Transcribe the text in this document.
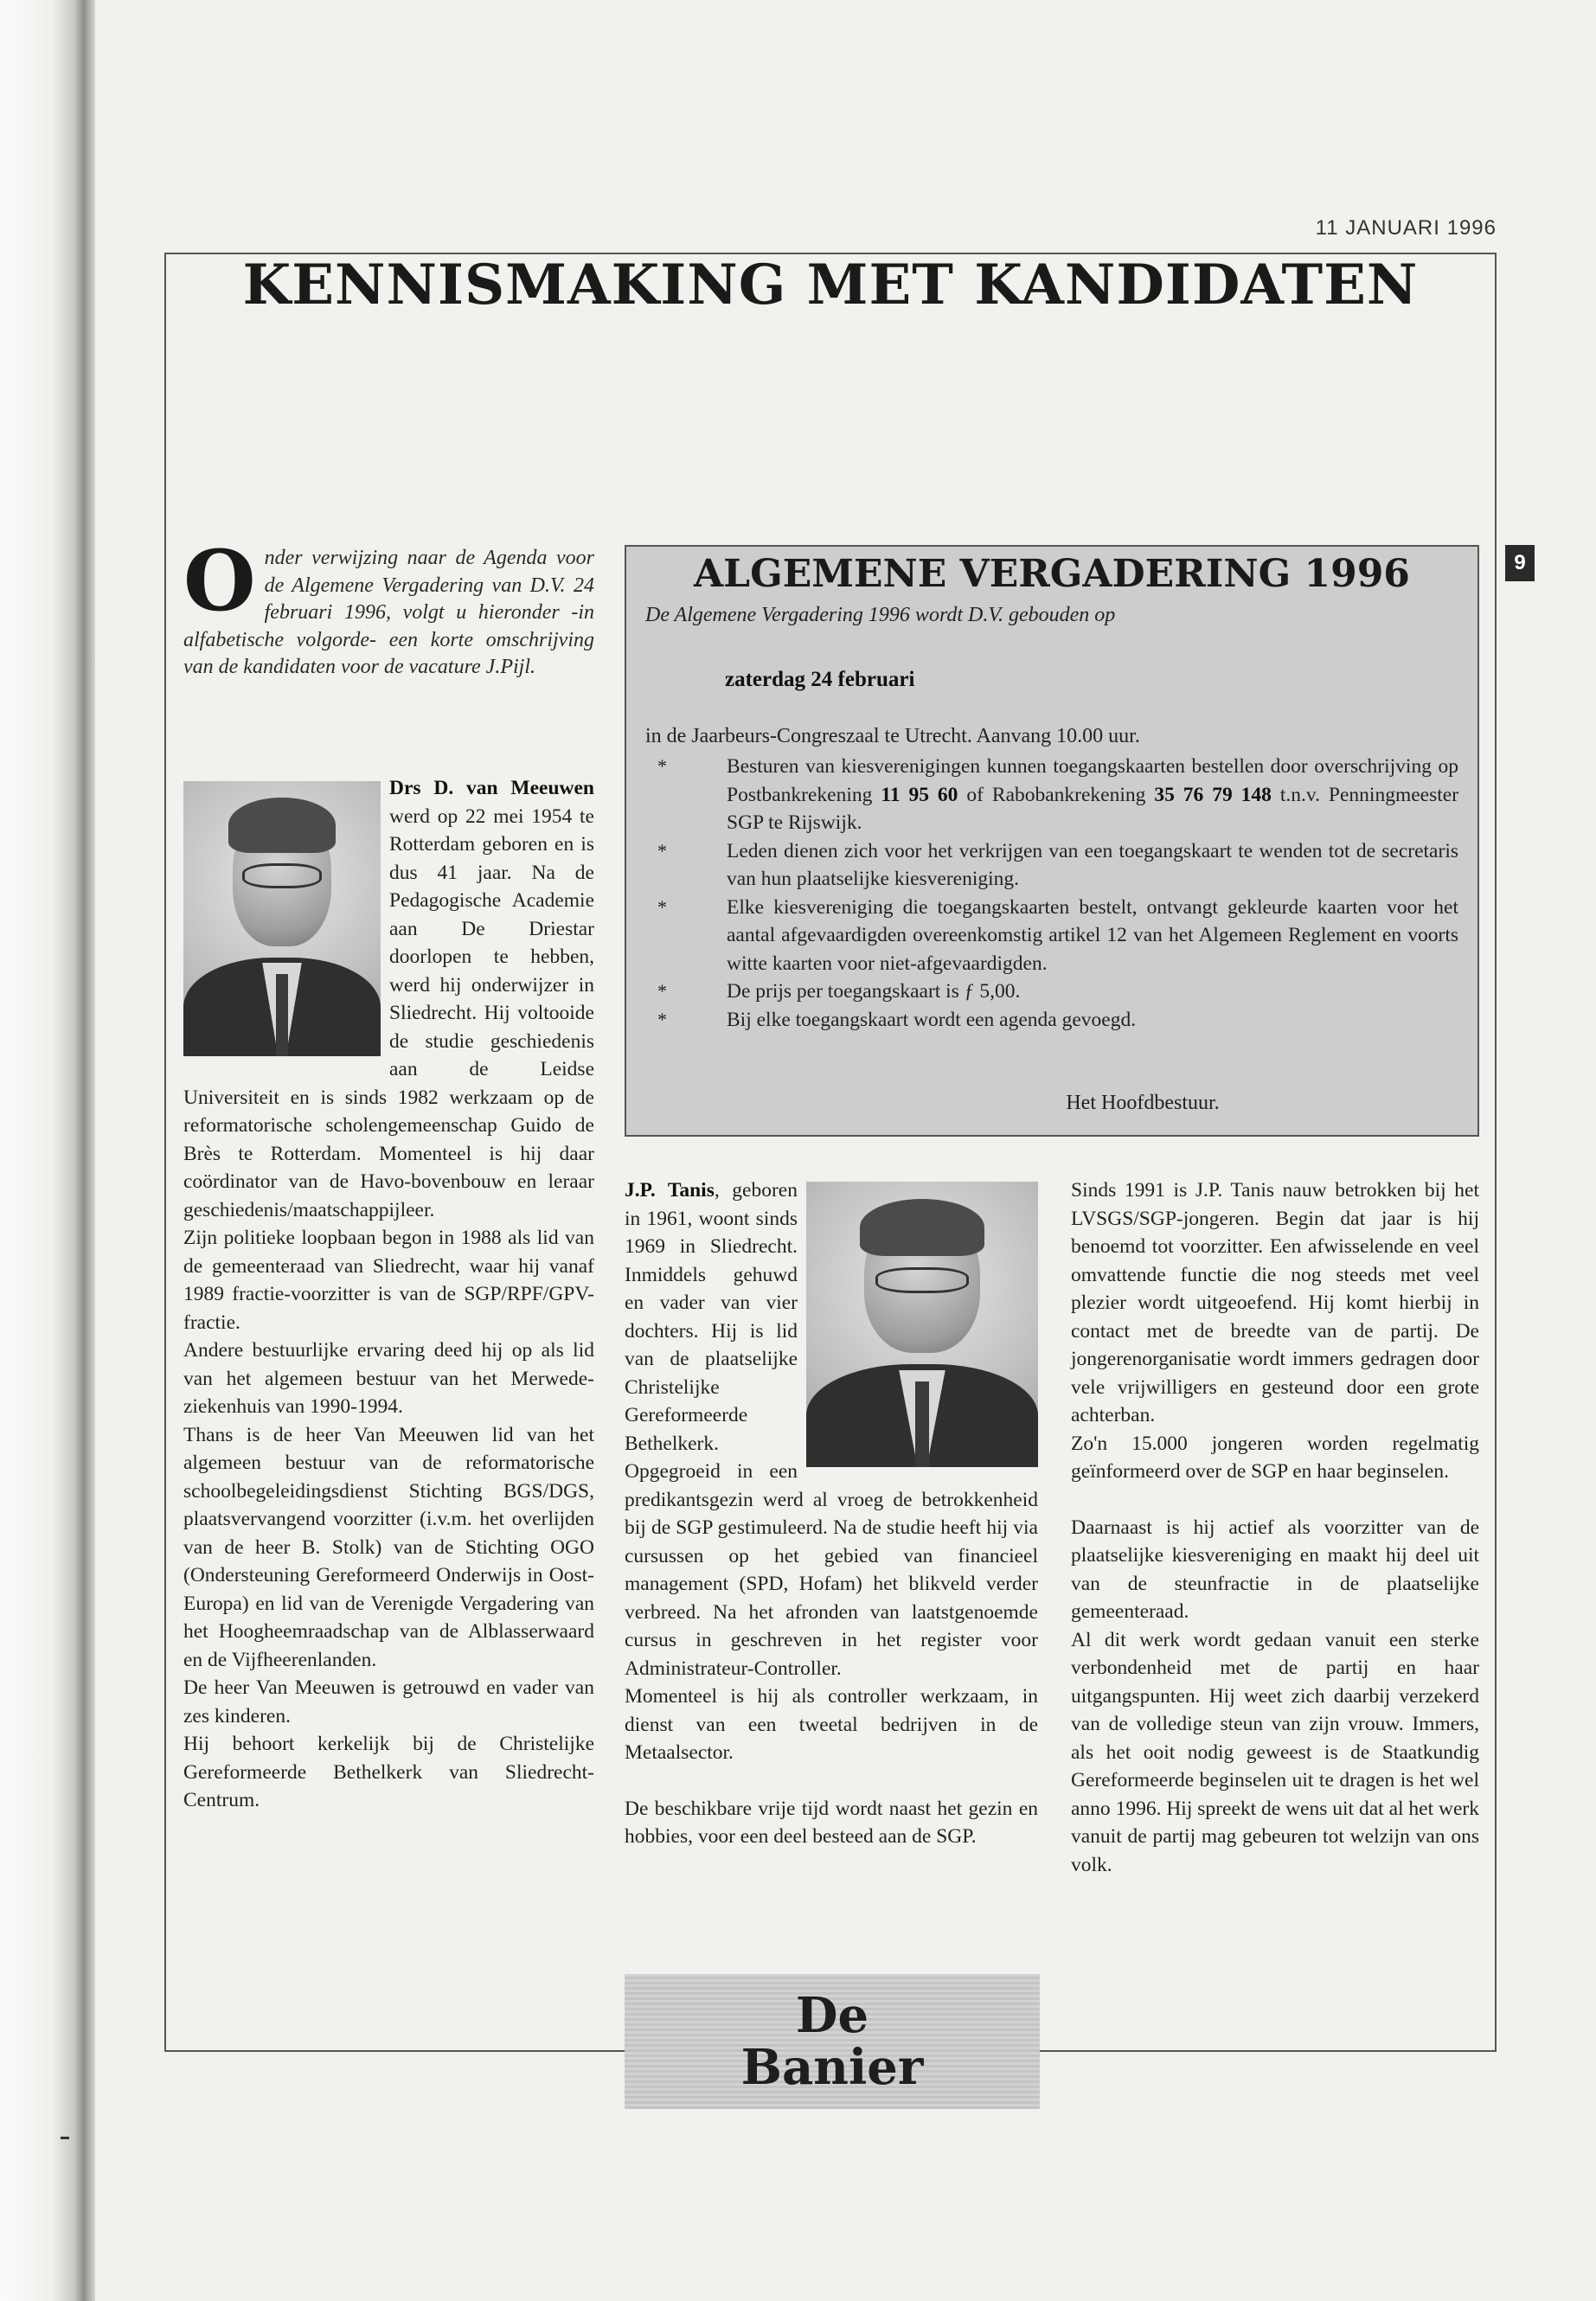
11 JANUARI 1996
KENNISMAKING MET KANDIDATEN
9
O nder verwijzing naar de Agenda voor de Algemene Vergadering van D.V. 24 februari 1996, volgt u hieronder -in alfabetische volgorde- een korte omschrijving van de kandidaten voor de vacature J.Pijl.

Drs D. van Meeuwen werd op 22 mei 1954 te Rotterdam geboren en is dus 41 jaar. Na de Pedagogische Academie aan De Driestar doorlopen te hebben, werd hij onderwijzer in Sliedrecht. Hij voltooide de studie geschiedenis aan de Leidse Universiteit en is sinds 1982 werkzaam op de reformatorische scholengemeenschap Guido de Brès te Rotterdam. Momenteel is hij daar coördinator van de Havo-bovenbouw en leraar geschiedenis/maatschappijleer.

Zijn politieke loopbaan begon in 1988 als lid van de gemeenteraad van Sliedrecht, waar hij vanaf 1989 fractie-voorzitter is van de SGP/RPF/GPV-fractie.

Andere bestuurlijke ervaring deed hij op als lid van het algemeen bestuur van het Merwede-ziekenhuis van 1990-1994.

Thans is de heer Van Meeuwen lid van het algemeen bestuur van de reformatorische schoolbegeleidingsdienst Stichting BGS/DGS, plaatsvervangend voorzitter (i.v.m. het overlijden van de heer B. Stolk) van de Stichting OGO (Ondersteuning Gereformeerd Onderwijs in Oost-Europa) en lid van de Verenigde Vergadering van het Hoogheemraadschap van de Alblasserwaard en de Vijfheerenlanden.

De heer Van Meeuwen is getrouwd en vader van zes kinderen.

Hij behoort kerkelijk bij de Christelijke Gereformeerde Bethelkerk van Sliedrecht-Centrum.

ALGEMENE VERGADERING 1996
De Algemene Vergadering 1996 wordt D.V. gebouden op
zaterdag 24 februari
in de Jaarbeurs-Congreszaal te Utrecht. Aanvang 10.00 uur.
*	Besturen van kiesverenigingen kunnen toegangskaarten bestellen door overschrijving op Postbankrekening 11 95 60 of Rabobankrekening 35 76 79 148 t.n.v. Penningmeester SGP te Rijswijk.
*	Leden dienen zich voor het verkrijgen van een toegangskaart te wenden tot de secretaris van hun plaatselijke kiesvereniging.
*	Elke kiesvereniging die toegangskaarten bestelt, ontvangt gekleurde kaarten voor het aantal afgevaardigden overeenkomstig artikel 12 van het Algemeen Reglement en voorts witte kaarten voor niet-afgevaardigden.
*	De prijs per toegangskaart is ƒ 5,00.
*	Bij elke toegangskaart wordt een agenda gevoegd.
Het Hoofdbestuur.

J.P. Tanis, geboren in 1961, woont sinds 1969 in Sliedrecht. Inmiddels gehuwd en vader van vier dochters. Hij is lid van de plaatselijke Christelijke Gereformeerde Bethelkerk. Opgegroeid in een predikantsgezin werd al vroeg de betrokkenheid bij de SGP gestimuleerd. Na de studie heeft hij via cursussen op het gebied van financieel management (SPD, Hofam) het blikveld verder verbreed. Na het afronden van laatstgenoemde cursus in geschreven in het register voor Administrateur-Controller.

Momenteel is hij als controller werkzaam, in dienst van een tweetal bedrijven in de Metaalsector.

De beschikbare vrije tijd wordt naast het gezin en hobbies, voor een deel besteed aan de SGP.

Sinds 1991 is J.P. Tanis nauw betrokken bij het LVSGS/SGP-jongeren. Begin dat jaar is hij benoemd tot voorzitter. Een afwisselende en veel omvattende functie die nog steeds met veel plezier wordt uitgeoefend. Hij komt hierbij in contact met de breedte van de partij. De jongerenorganisatie wordt immers gedragen door vele vrijwilligers en gesteund door een grote achterban.

Zo'n 15.000 jongeren worden regelmatig geïnformeerd over de SGP en haar beginselen.

Daarnaast is hij actief als voorzitter van de plaatselijke kiesvereniging en maakt hij deel uit van de steunfractie in de plaatselijke gemeenteraad.

Al dit werk wordt gedaan vanuit een sterke verbondenheid met de partij en haar uitgangspunten. Hij weet zich daarbij verzekerd van de volledige steun van zijn vrouw. Immers, als het ooit nodig geweest is de Staatkundig Gereformeerde beginselen uit te dragen is het wel anno 1996. Hij spreekt de wens uit dat al het werk vanuit de partij mag gebeuren tot welzijn van ons volk.

De
Banier
